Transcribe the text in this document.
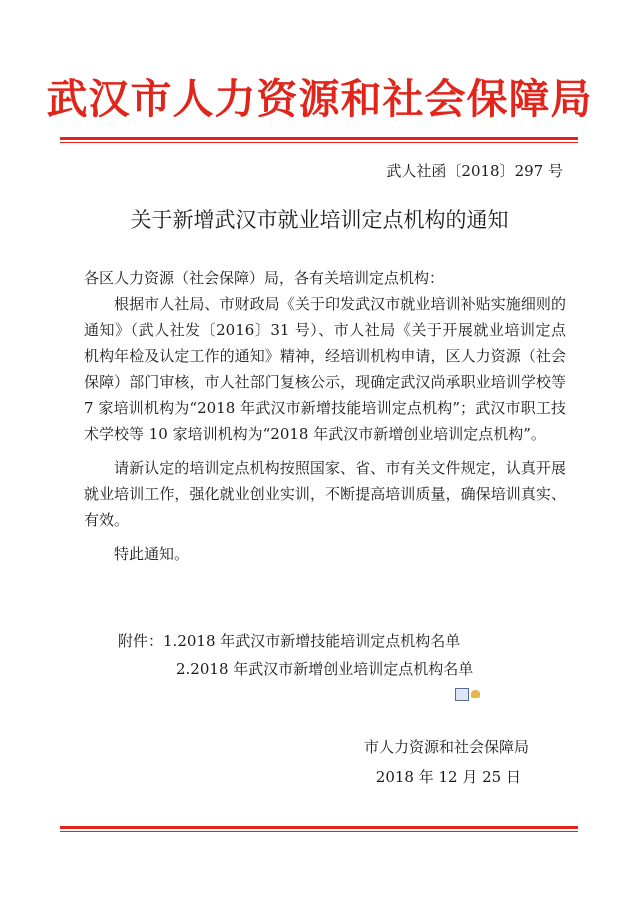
武汉市人力资源和社会保障局
武人社函〔2018〕297 号
关于新增武汉市就业培训定点机构的通知

各区人力资源（社会保障）局，各有关培训定点机构：

根据市人社局、市财政局《关于印发武汉市就业培训补贴实施细则的通知》（武人社发〔2016〕31 号）、市人社局《关于开展就业培训定点机构年检及认定工作的通知》精神，经培训机构申请，区人力资源（社会保障）部门审核，市人社部门复核公示，现确定武汉尚承职业培训学校等 7 家培训机构为“2018 年武汉市新增技能培训定点机构”；武汉市职工技术学校等 10 家培训机构为“2018 年武汉市新增创业培训定点机构”。

请新认定的培训定点机构按照国家、省、市有关文件规定，认真开展就业培训工作，强化就业创业实训，不断提高培训质量，确保培训真实、有效。

特此通知。

附件：1.2018 年武汉市新增技能培训定点机构名单
2.2018 年武汉市新增创业培训定点机构名单
市人力资源和社会保障局
2018 年 12 月 25 日
